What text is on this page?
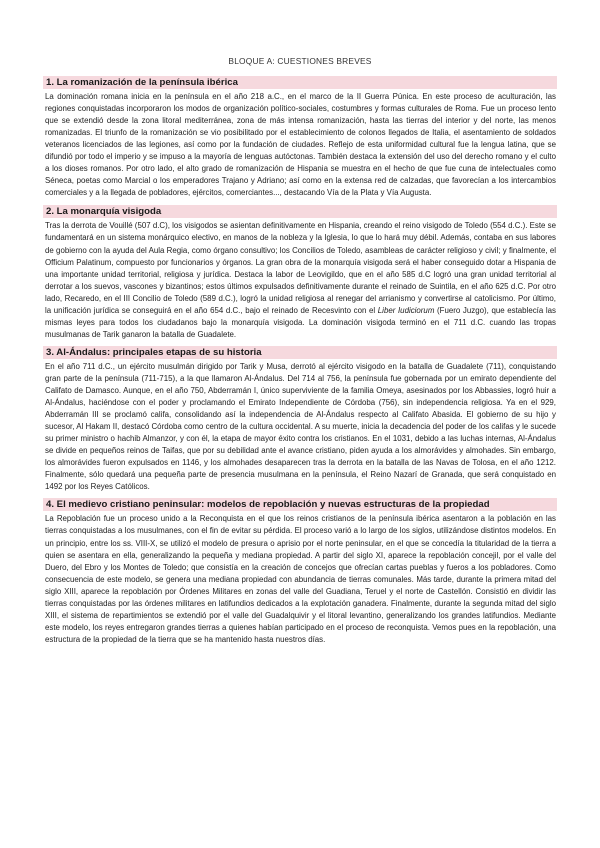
BLOQUE A: CUESTIONES BREVES
1. La romanización de la península ibérica

La dominación romana inicia en la península en el año 218 a.C., en el marco de la II Guerra Púnica. En este proceso de aculturación, las regiones conquistadas incorporaron los modos de organización político-sociales, costumbres y formas culturales de Roma. Fue un proceso lento que se extendió desde la zona litoral mediterránea, zona de más intensa romanización, hasta las tierras del interior y del norte, las menos romanizadas. El triunfo de la romanización se vio posibilitado por el establecimiento de colonos llegados de Italia, el asentamiento de soldados veteranos licenciados de las legiones, así como por la fundación de ciudades. Reflejo de esta uniformidad cultural fue la lengua latina, que se difundió por todo el imperio y se impuso a la mayoría de lenguas autóctonas. También destaca la extensión del uso del derecho romano y el culto a los dioses romanos. Por otro lado, el alto grado de romanización de Hispania se muestra en el hecho de que fue cuna de intelectuales como Séneca, poetas como Marcial o los emperadores Trajano y Adriano; así como en la extensa red de calzadas, que favorecían a los intercambios comerciales y a la llegada de pobladores, ejércitos, comerciantes..., destacando Vía de la Plata y Vía Augusta.

2. La monarquía visigoda

Tras la derrota de Vouillé (507 d.C), los visigodos se asientan definitivamente en Hispania, creando el reino visigodo de Toledo (554 d.C.). Este se fundamentará en un sistema monárquico electivo, en manos de la nobleza y la Iglesia, lo que lo hará muy débil. Además, contaba en sus labores de gobierno con la ayuda del Aula Regia, como órgano consultivo; los Concilios de Toledo, asambleas de carácter religioso y civil; y finalmente, el Officium Palatinum, compuesto por funcionarios y órganos. La gran obra de la monarquía visigoda será el haber conseguido dotar a Hispania de una importante unidad territorial, religiosa y jurídica. Destaca la labor de Leovigildo, que en el año 585 d.C logró una gran unidad territorial al derrotar a los suevos, vascones y bizantinos; estos últimos expulsados definitivamente durante el reinado de Suintila, en el año 625 d.C. Por otro lado, Recaredo, en el III Concilio de Toledo (589 d.C.), logró la unidad religiosa al renegar del arrianismo y convertirse al catolicismo. Por último, la unificación jurídica se conseguirá en el año 654 d.C., bajo el reinado de Recesvinto con el Liber Iudiciorum (Fuero Juzgo), que establecía las mismas leyes para todos los ciudadanos bajo la monarquía visigoda. La dominación visigoda terminó en el 711 d.C. cuando las tropas musulmanas de Tarik ganaron la batalla de Guadalete.

3. Al-Ándalus: principales etapas de su historia

En el año 711 d.C., un ejército musulmán dirigido por Tarik y Musa, derrotó al ejército visigodo en la batalla de Guadalete (711), conquistando gran parte de la península (711-715), a la que llamaron Al-Ándalus. Del 714 al 756, la península fue gobernada por un emirato dependiente del Califato de Damasco. Aunque, en el año 750, Abderramán I, único superviviente de la familia Omeya, asesinados por los Abbassies, logró huir a Al-Ándalus, haciéndose con el poder y proclamando el Emirato Independiente de Córdoba (756), sin independencia religiosa. Ya en el 929, Abderramán III se proclamó califa, consolidando así la independencia de Al-Ándalus respecto al Califato Abasida. El gobierno de su hijo y sucesor, Al Hakam II, destacó Córdoba como centro de la cultura occidental. A su muerte, inicia la decadencia del poder de los califas y le sucede su primer ministro o hachib Almanzor, y con él, la etapa de mayor éxito contra los cristianos. En el 1031, debido a las luchas internas, Al-Ándalus se divide en pequeños reinos de Taifas, que por su debilidad ante el avance cristiano, piden ayuda a los almorávides y almohades. Sin embargo, los almorávides fueron expulsados en 1146, y los almohades desaparecen tras la derrota en la batalla de las Navas de Tolosa, en el año 1212. Finalmente, sólo quedará una pequeña parte de presencia musulmana en la península, el Reino Nazarí de Granada, que será conquistado en 1492 por los Reyes Católicos.

4. El medievo cristiano peninsular: modelos de repoblación y nuevas estructuras de la propiedad

La Repoblación fue un proceso unido a la Reconquista en el que los reinos cristianos de la península ibérica asentaron a la población en las tierras conquistadas a los musulmanes, con el fin de evitar su pérdida. El proceso varió a lo largo de los siglos, utilizándose distintos modelos. En un principio, entre los ss. VIII-X, se utilizó el modelo de presura o aprisio por el norte peninsular, en el que se concedía la titularidad de la tierra a quien se asentara en ella, generalizando la pequeña y mediana propiedad. A partir del siglo XI, aparece la repoblación concejil, por el valle del Duero, del Ebro y los Montes de Toledo; que consistía en la creación de concejos que ofrecían cartas pueblas y fueros a los pobladores. Como consecuencia de este modelo, se genera una mediana propiedad con abundancia de tierras comunales. Más tarde, durante la primera mitad del siglo XIII, aparece la repoblación por Órdenes Militares en zonas del valle del Guadiana, Teruel y el norte de Castellón. Consistió en dividir las tierras conquistadas por las órdenes militares en latifundios dedicados a la explotación ganadera. Finalmente, durante la segunda mitad del siglo XIII, el sistema de repartimientos se extendió por el valle del Guadalquivir y el litoral levantino, generalizando los grandes latifundios. Mediante este modelo, los reyes entregaron grandes tierras a quienes habían participado en el proceso de reconquista. Vemos pues en la repoblación, una estructura de la propiedad de la tierra que se ha mantenido hasta nuestros días.
